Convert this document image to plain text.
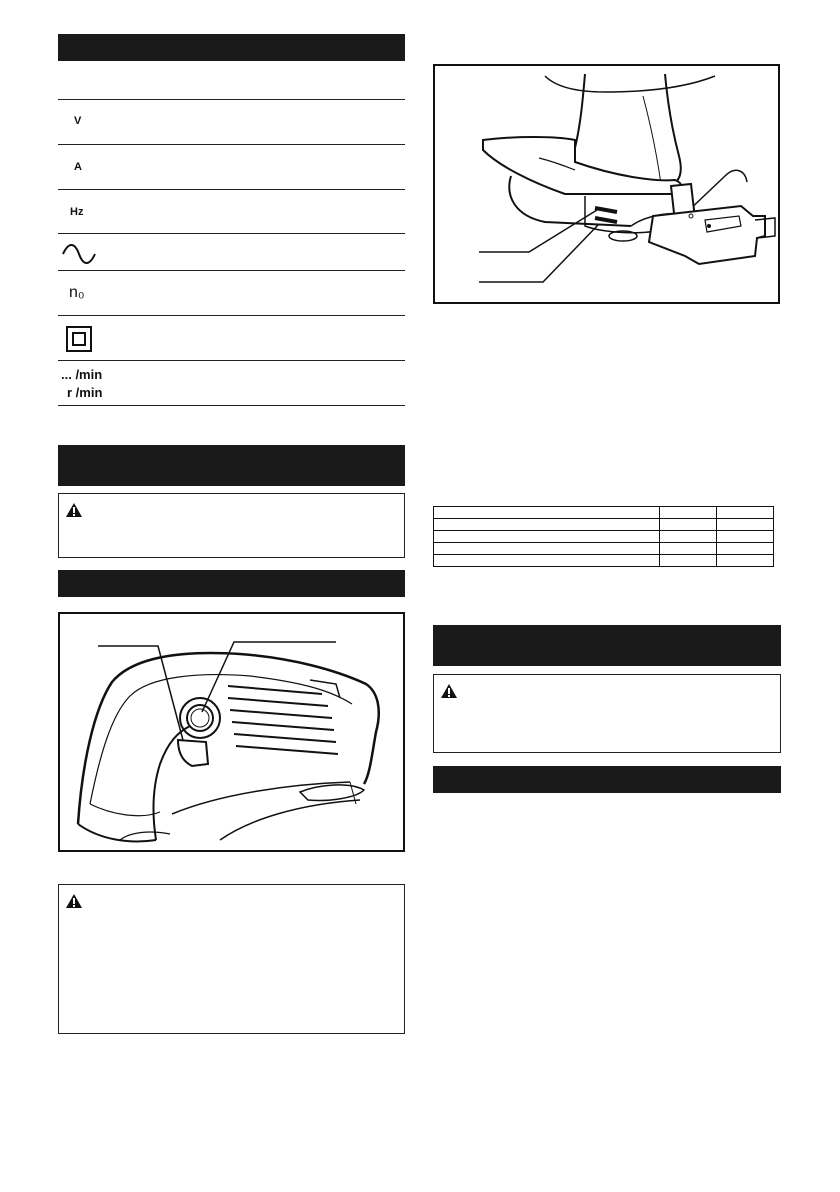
V
A
Hz
n₀
... /min
r /min
